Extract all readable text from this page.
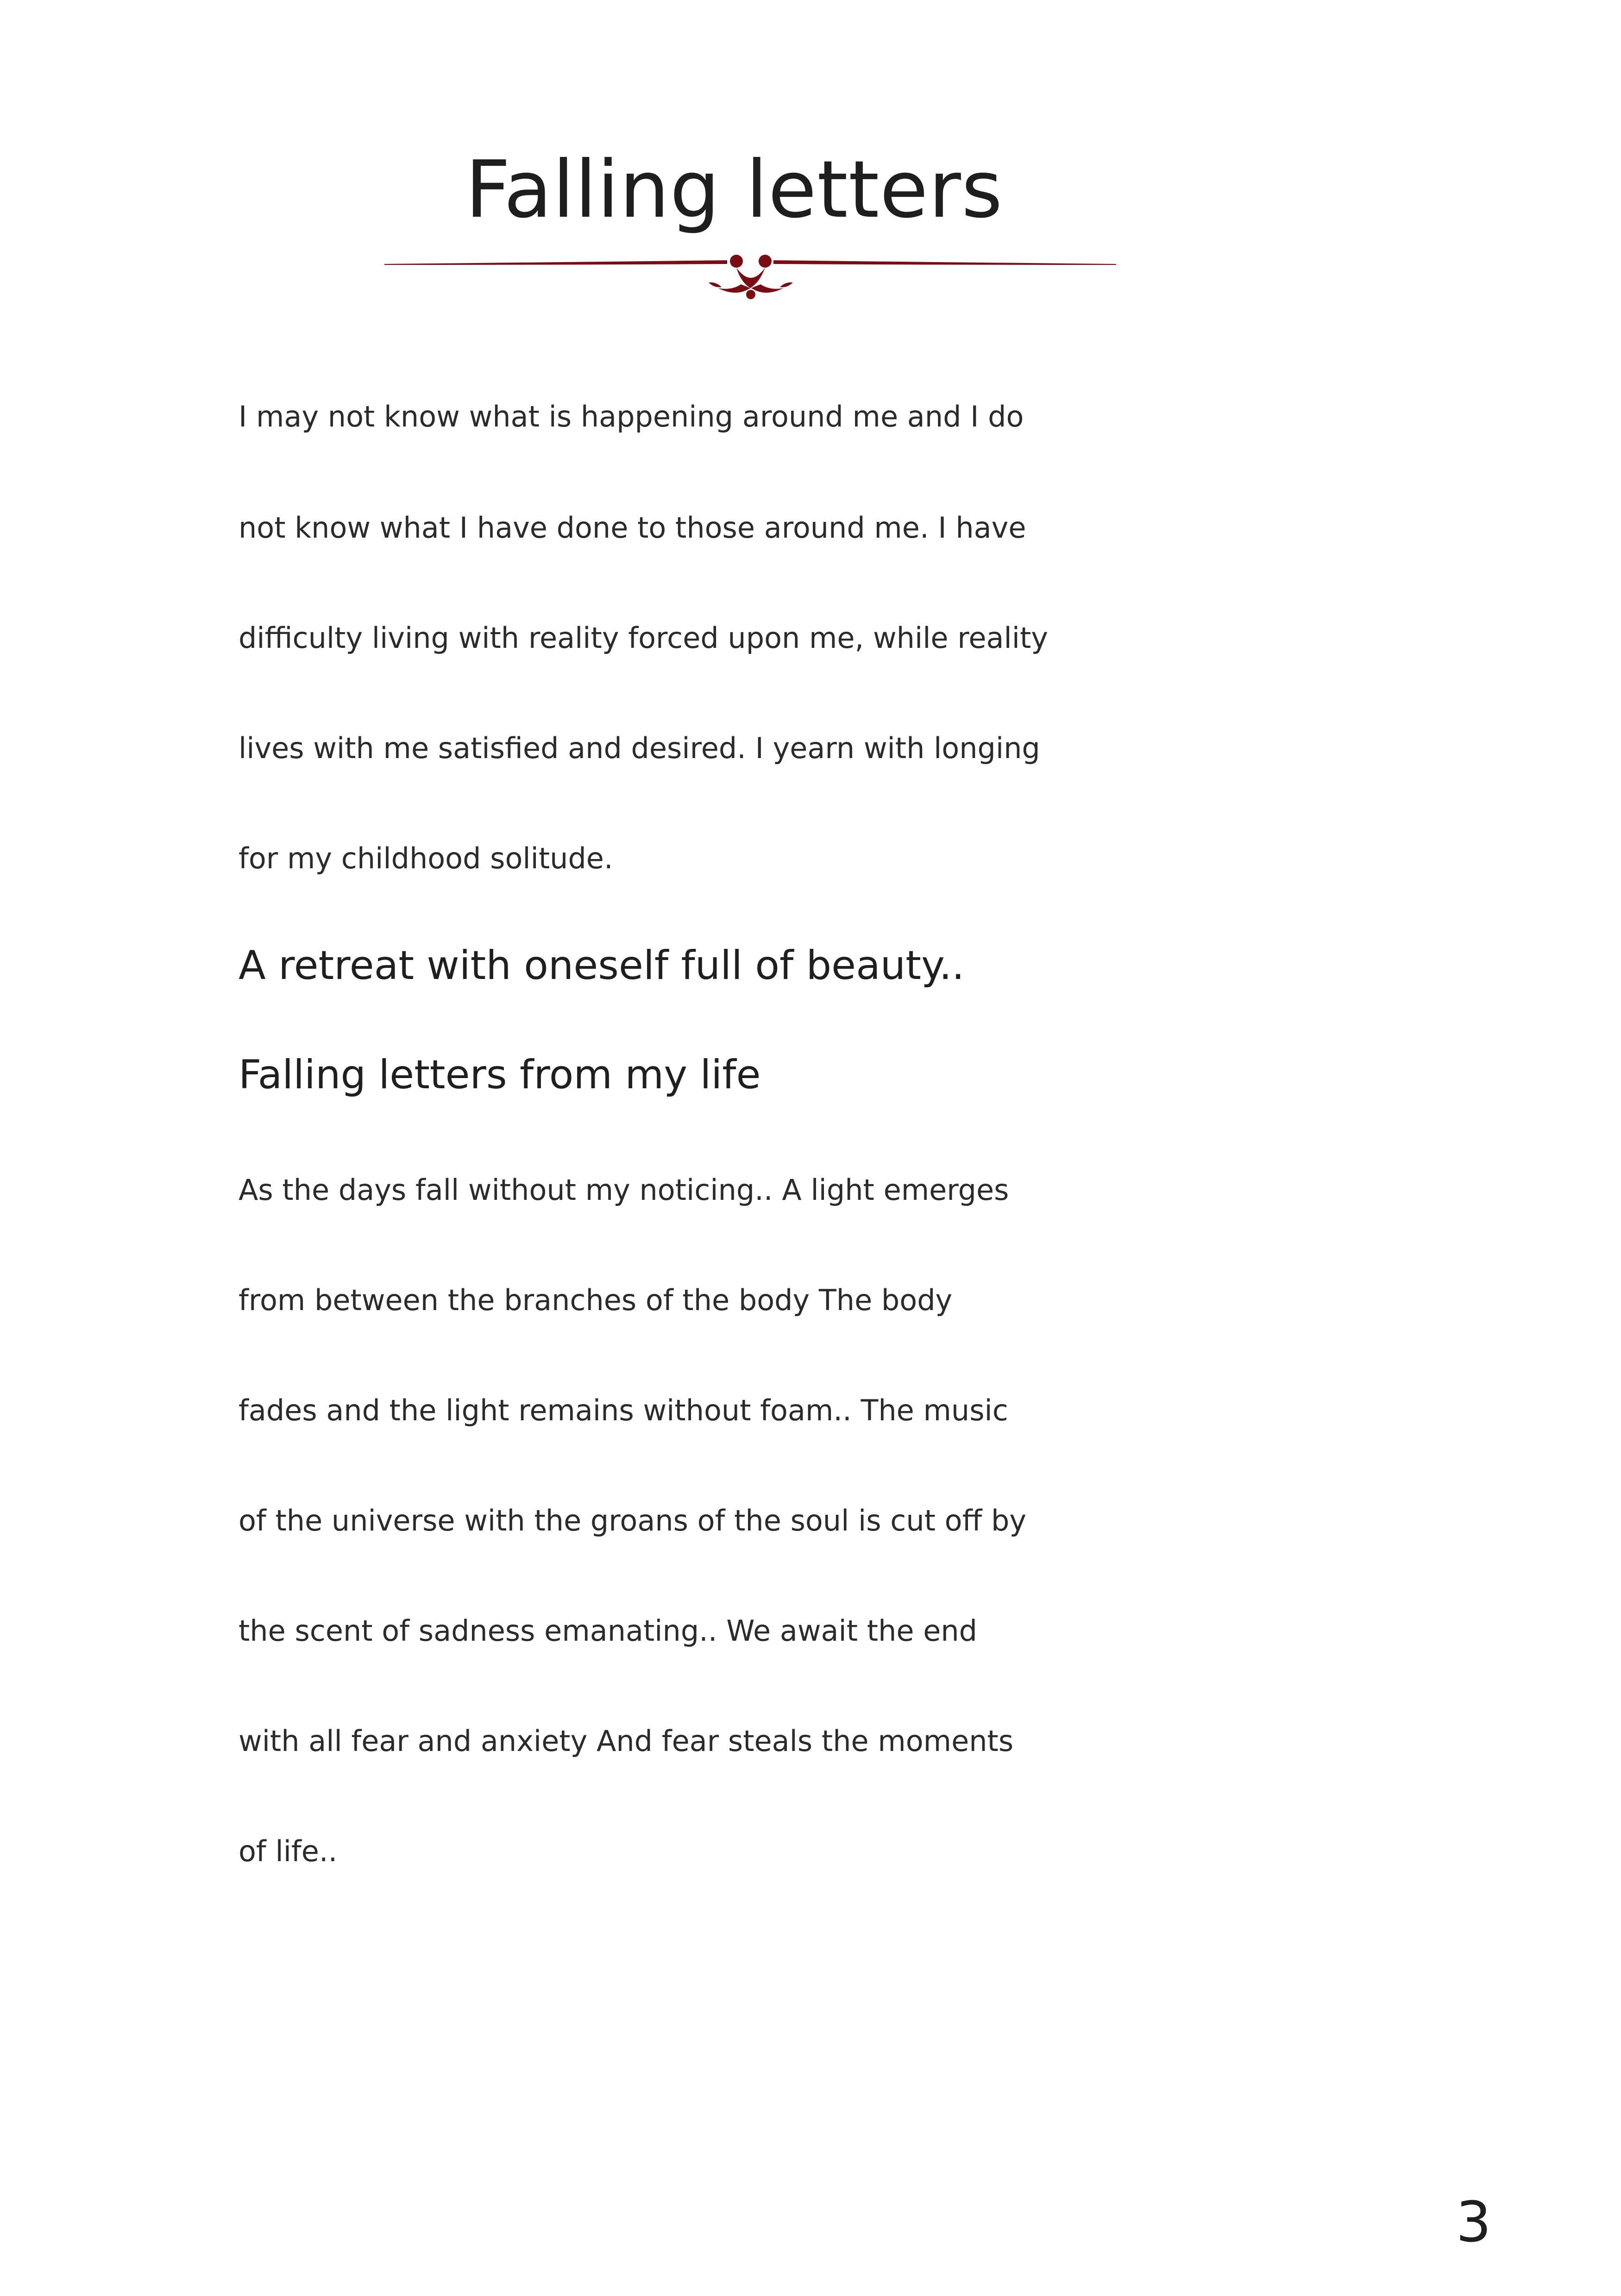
Falling letters
I may not know what is happening around me and I do
not know what I have done to those around me. I have
difficulty living with reality forced upon me, while reality
lives with me satisfied and desired. I yearn with longing
for my childhood solitude.
A retreat with oneself full of beauty..
Falling letters from my life
As the days fall without my noticing.. A light emerges
from between the branches of the body The body
fades and the light remains without foam.. The music
of the universe with the groans of the soul is cut off by
the scent of sadness emanating.. We await the end
with all fear and anxiety And fear steals the moments
of life..
3
